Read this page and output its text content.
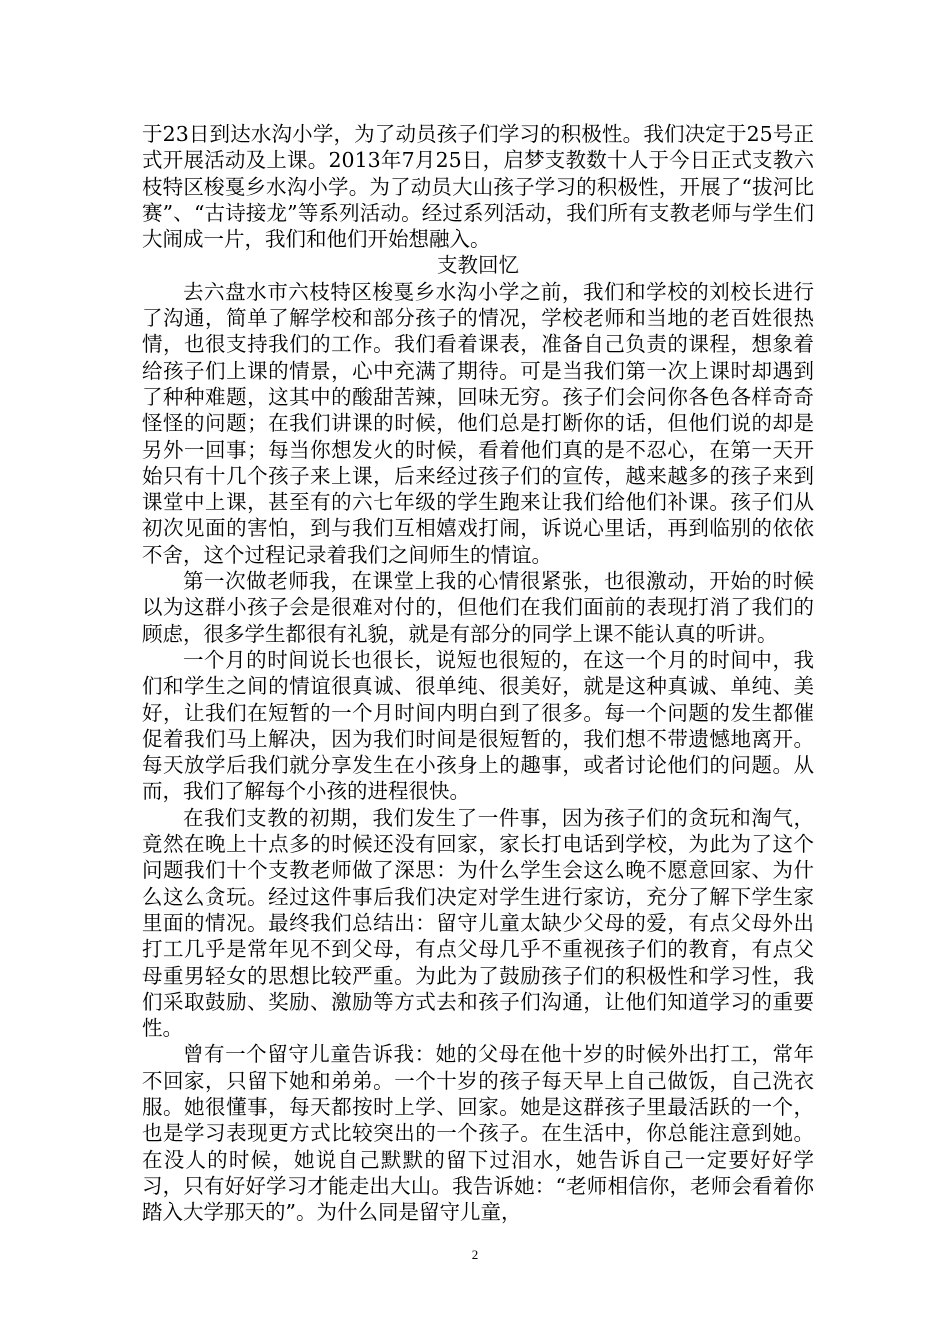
于23日到达水沟小学，为了动员孩子们学习的积极性。我们决定于25号正式开展活动及上课。2013年7月25日，启梦支教数十人于今日正式支教六枝特区梭戛乡水沟小学。为了动员大山孩子学习的积极性，开展了“拔河比赛”、“古诗接龙”等系列活动。经过系列活动，我们所有支教老师与学生们大闹成一片，我们和他们开始想融入。

支教回忆

去六盘水市六枝特区梭戛乡水沟小学之前，我们和学校的刘校长进行了沟通，简单了解学校和部分孩子的情况，学校老师和当地的老百姓很热情，也很支持我们的工作。我们看着课表，准备自己负责的课程，想象着给孩子们上课的情景，心中充满了期待。可是当我们第一次上课时却遇到了种种难题，这其中的酸甜苦辣，回味无穷。孩子们会问你各色各样奇奇怪怪的问题；在我们讲课的时候，他们总是打断你的话，但他们说的却是另外一回事；每当你想发火的时候，看着他们真的是不忍心，在第一天开始只有十几个孩子来上课，后来经过孩子们的宣传，越来越多的孩子来到课堂中上课，甚至有的六七年级的学生跑来让我们给他们补课。孩子们从初次见面的害怕，到与我们互相嬉戏打闹，诉说心里话，再到临别的依依不舍，这个过程记录着我们之间师生的情谊。

第一次做老师我，在课堂上我的心情很紧张，也很激动，开始的时候以为这群小孩子会是很难对付的，但他们在我们面前的表现打消了我们的顾虑，很多学生都很有礼貌，就是有部分的同学上课不能认真的听讲。

一个月的时间说长也很长，说短也很短的，在这一个月的时间中，我们和学生之间的情谊很真诚、很单纯、很美好，就是这种真诚、单纯、美好，让我们在短暂的一个月时间内明白到了很多。每一个问题的发生都催促着我们马上解决，因为我们时间是很短暂的，我们想不带遗憾地离开。每天放学后我们就分享发生在小孩身上的趣事，或者讨论他们的问题。从而，我们了解每个小孩的进程很快。

在我们支教的初期，我们发生了一件事，因为孩子们的贪玩和淘气，竟然在晚上十点多的时候还没有回家，家长打电话到学校，为此为了这个问题我们十个支教老师做了深思：为什么学生会这么晚不愿意回家、为什么这么贪玩。经过这件事后我们决定对学生进行家访，充分了解下学生家里面的情况。最终我们总结出：留守儿童太缺少父母的爱，有点父母外出打工几乎是常年见不到父母，有点父母几乎不重视孩子们的教育，有点父母重男轻女的思想比较严重。为此为了鼓励孩子们的积极性和学习性，我们采取鼓励、奖励、激励等方式去和孩子们沟通，让他们知道学习的重要性。

曾有一个留守儿童告诉我：她的父母在他十岁的时候外出打工，常年不回家，只留下她和弟弟。一个十岁的孩子每天早上自己做饭，自己洗衣服。她很懂事，每天都按时上学、回家。她是这群孩子里最活跃的一个，也是学习表现更方式比较突出的一个孩子。在生活中，你总能注意到她。在没人的时候，她说自己默默的留下过泪水，她告诉自己一定要好好学习，只有好好学习才能走出大山。我告诉她：“老师相信你，老师会看着你踏入大学那天的”。为什么同是留守儿童，

2
